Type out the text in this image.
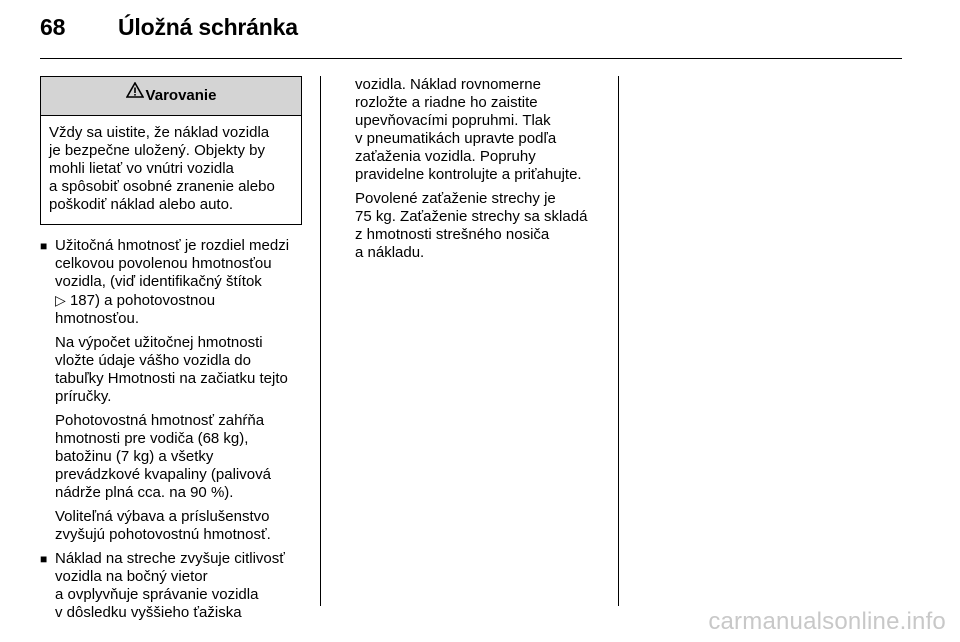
68 Úložná schránka
Varovanie
Vždy sa uistite, že náklad vozidla
je bezpečne uložený. Objekty by
mohli lietať vo vnútri vozidla
a spôsobiť osobné zranenie alebo
poškodiť náklad alebo auto.
■ Užitočná hmotnosť je rozdiel medzi
celkovou povolenou hmotnosťou
vozidla, (viď identifikačný štítok
▷ 187) a pohotovostnou
hmotnosťou.

Na výpočet užitočnej hmotnosti
vložte údaje vášho vozidla do
tabuľky Hmotnosti na začiatku tejto
príručky.

Pohotovostná hmotnosť zahŕňa
hmotnosti pre vodiča (68 kg),
batožinu (7 kg) a všetky
prevádzkové kvapaliny (palivová
nádrže plná cca. na 90 %).

Voliteľná výbava a príslušenstvo
zvyšujú pohotovostnú hmotnosť.

■ Náklad na streche zvyšuje citlivosť
vozidla na bočný vietor
a ovplyvňuje správanie vozidla
v dôsledku vyššieho ťažiska

vozidla. Náklad rovnomerne
rozložte a riadne ho zaistite
upevňovacími popruhmi. Tlak
v pneumatikách upravte podľa
zaťaženia vozidla. Popruhy
pravidelne kontrolujte a priťahujte.

Povolené zaťaženie strechy je
75 kg. Zaťaženie strechy sa skladá
z hmotnosti strešného nosiča
a nákladu.

carmanualsonline.info
